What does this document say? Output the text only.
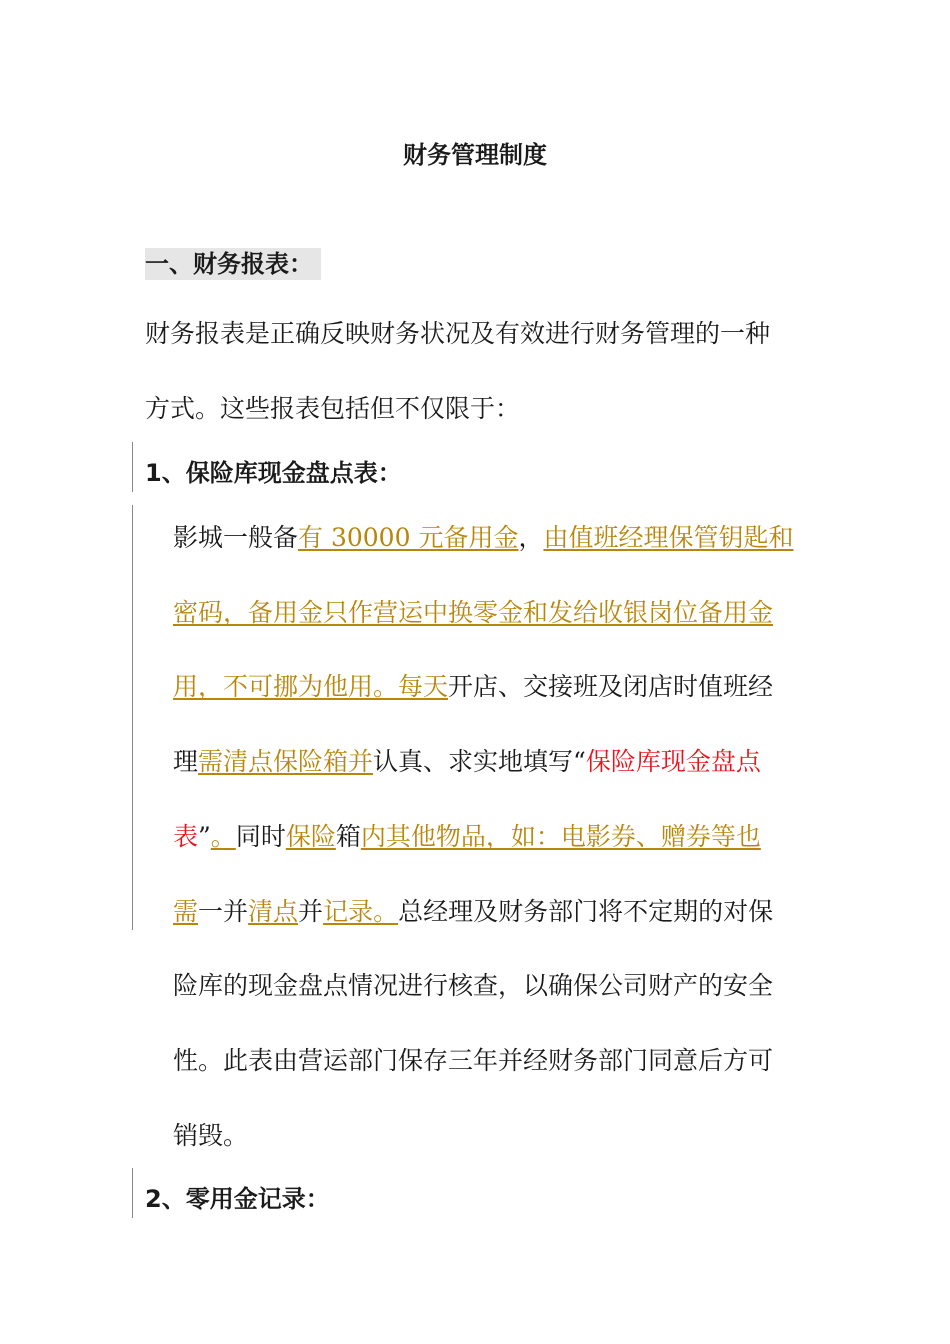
财务管理制度
一、财务报表：
财务报表是正确反映财务状况及有效进行财务管理的一种
方式。这些报表包括但不仅限于：
1、保险库现金盘点表：
影城一般备有 30000 元备用金，由值班经理保管钥匙和
密码，备用金只作营运中换零金和发给收银岗位备用金
用，不可挪为他用。每天开店、交接班及闭店时值班经
理需清点保险箱并认真、求实地填写“保险库现金盘点
表”。同时保险箱内其他物品，如：电影券、赠券等也
需一并清点并记录。总经理及财务部门将不定期的对保
险库的现金盘点情况进行核查，以确保公司财产的安全
性。此表由营运部门保存三年并经财务部门同意后方可
销毁。
2、零用金记录：
